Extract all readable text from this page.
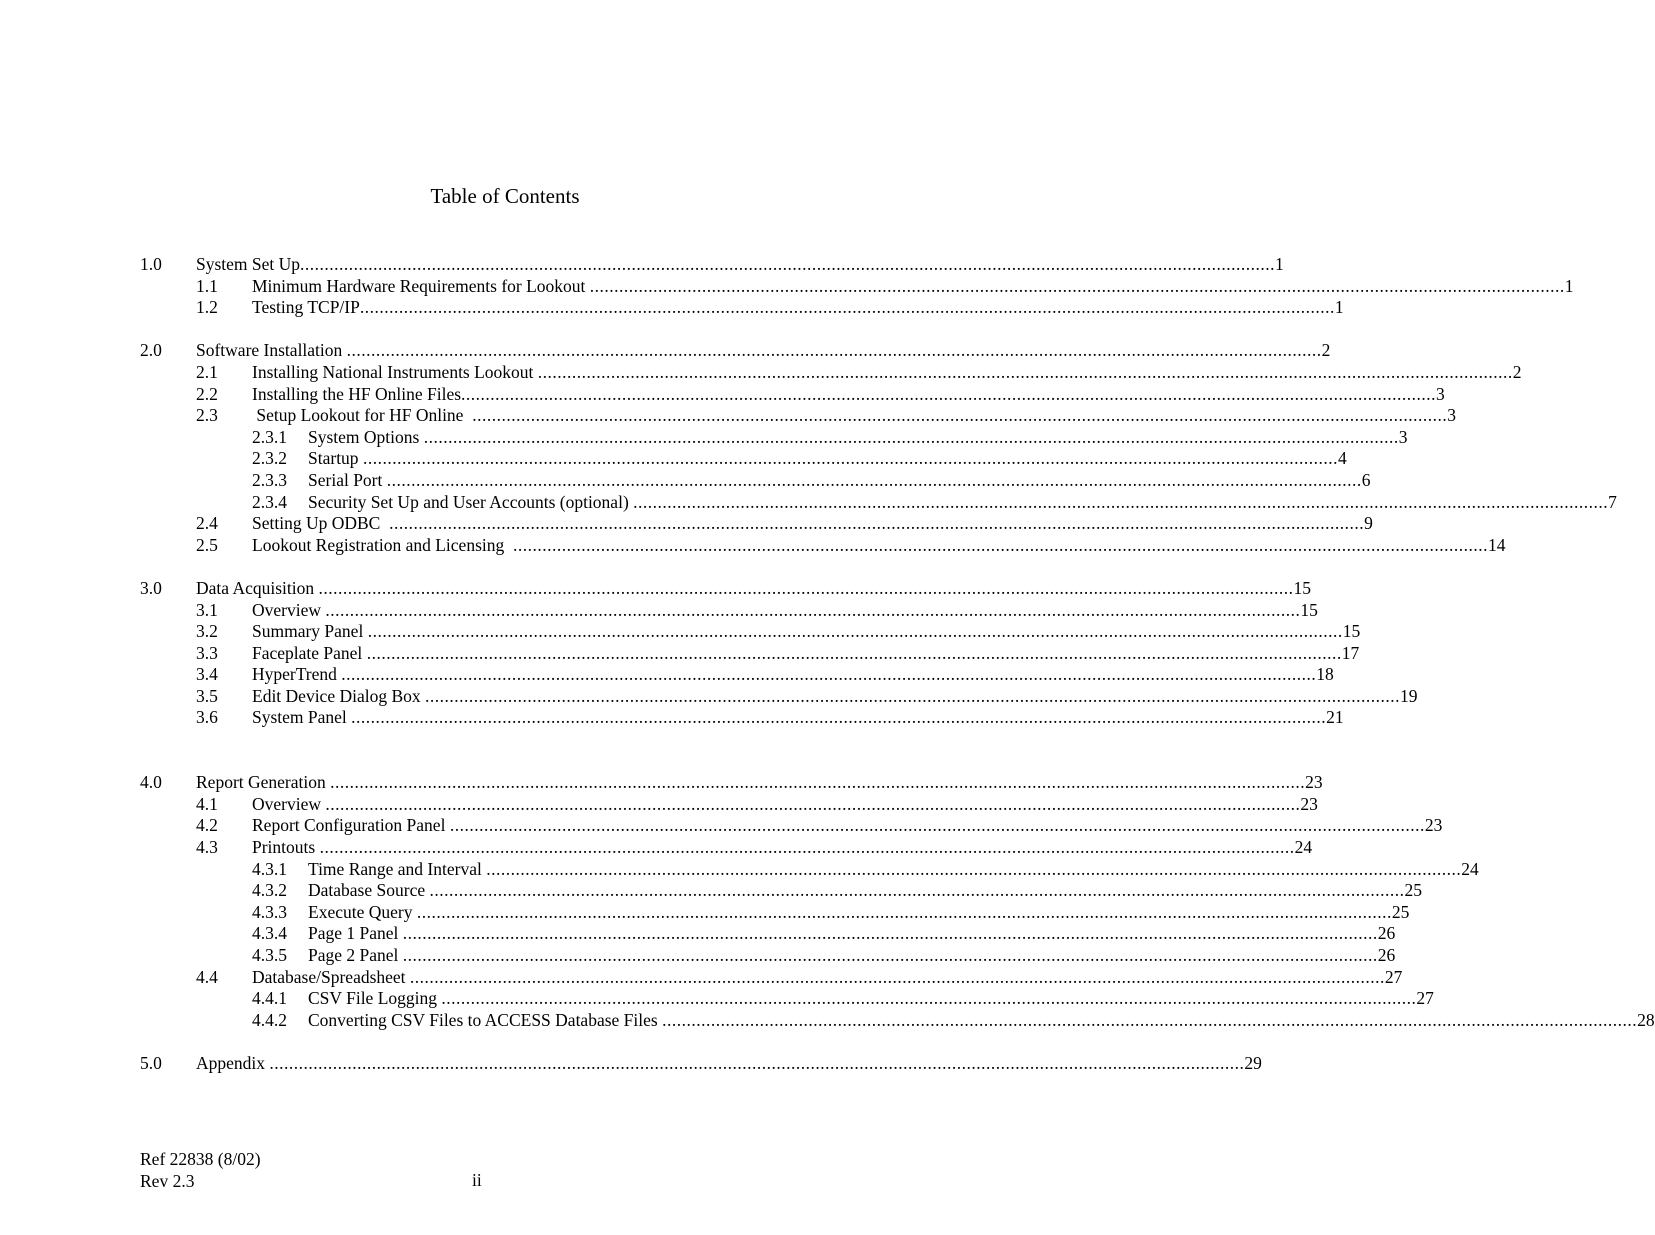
Table of Contents
1.0 System Set Up ........................................................................................................................................................................................................ 1
1.1 Minimum Hardware Requirements for Lookout ........................................................................................................................................................................................................ 1
1.2 Testing TCP/IP ........................................................................................................................................................................................................ 1
2.0 Software Installation ........................................................................................................................................................................................................ 2
2.1 Installing National Instruments Lookout ........................................................................................................................................................................................................ 2
2.2 Installing the HF Online Files ........................................................................................................................................................................................................ 3
2.3 Setup Lookout for HF Online ........................................................................................................................................................................................................ 3
2.3.1 System Options ........................................................................................................................................................................................................ 3
2.3.2 Startup ........................................................................................................................................................................................................ 4
2.3.3 Serial Port ........................................................................................................................................................................................................ 6
2.3.4 Security Set Up and User Accounts (optional) ........................................................................................................................................................................................................ 7
2.4 Setting Up ODBC ........................................................................................................................................................................................................ 9
2.5 Lookout Registration and Licensing ........................................................................................................................................................................................................ 14
3.0 Data Acquisition ........................................................................................................................................................................................................ 15
3.1 Overview ........................................................................................................................................................................................................ 15
3.2 Summary Panel ........................................................................................................................................................................................................ 15
3.3 Faceplate Panel ........................................................................................................................................................................................................ 17
3.4 HyperTrend ........................................................................................................................................................................................................ 18
3.5 Edit Device Dialog Box ........................................................................................................................................................................................................ 19
3.6 System Panel ........................................................................................................................................................................................................ 21
4.0 Report Generation ........................................................................................................................................................................................................ 23
4.1 Overview ........................................................................................................................................................................................................ 23
4.2 Report Configuration Panel ........................................................................................................................................................................................................ 23
4.3 Printouts ........................................................................................................................................................................................................ 24
4.3.1 Time Range and Interval ........................................................................................................................................................................................................ 24
4.3.2 Database Source ........................................................................................................................................................................................................ 25
4.3.3 Execute Query ........................................................................................................................................................................................................ 25
4.3.4 Page 1 Panel ........................................................................................................................................................................................................ 26
4.3.5 Page 2 Panel ........................................................................................................................................................................................................ 26
4.4 Database/Spreadsheet ........................................................................................................................................................................................................ 27
4.4.1 CSV File Logging ........................................................................................................................................................................................................ 27
4.4.2 Converting CSV Files to ACCESS Database Files ........................................................................................................................................................................................................ 28
5.0 Appendix ........................................................................................................................................................................................................ 29
Ref 22838 (8/02)
Rev 2.3	ii
